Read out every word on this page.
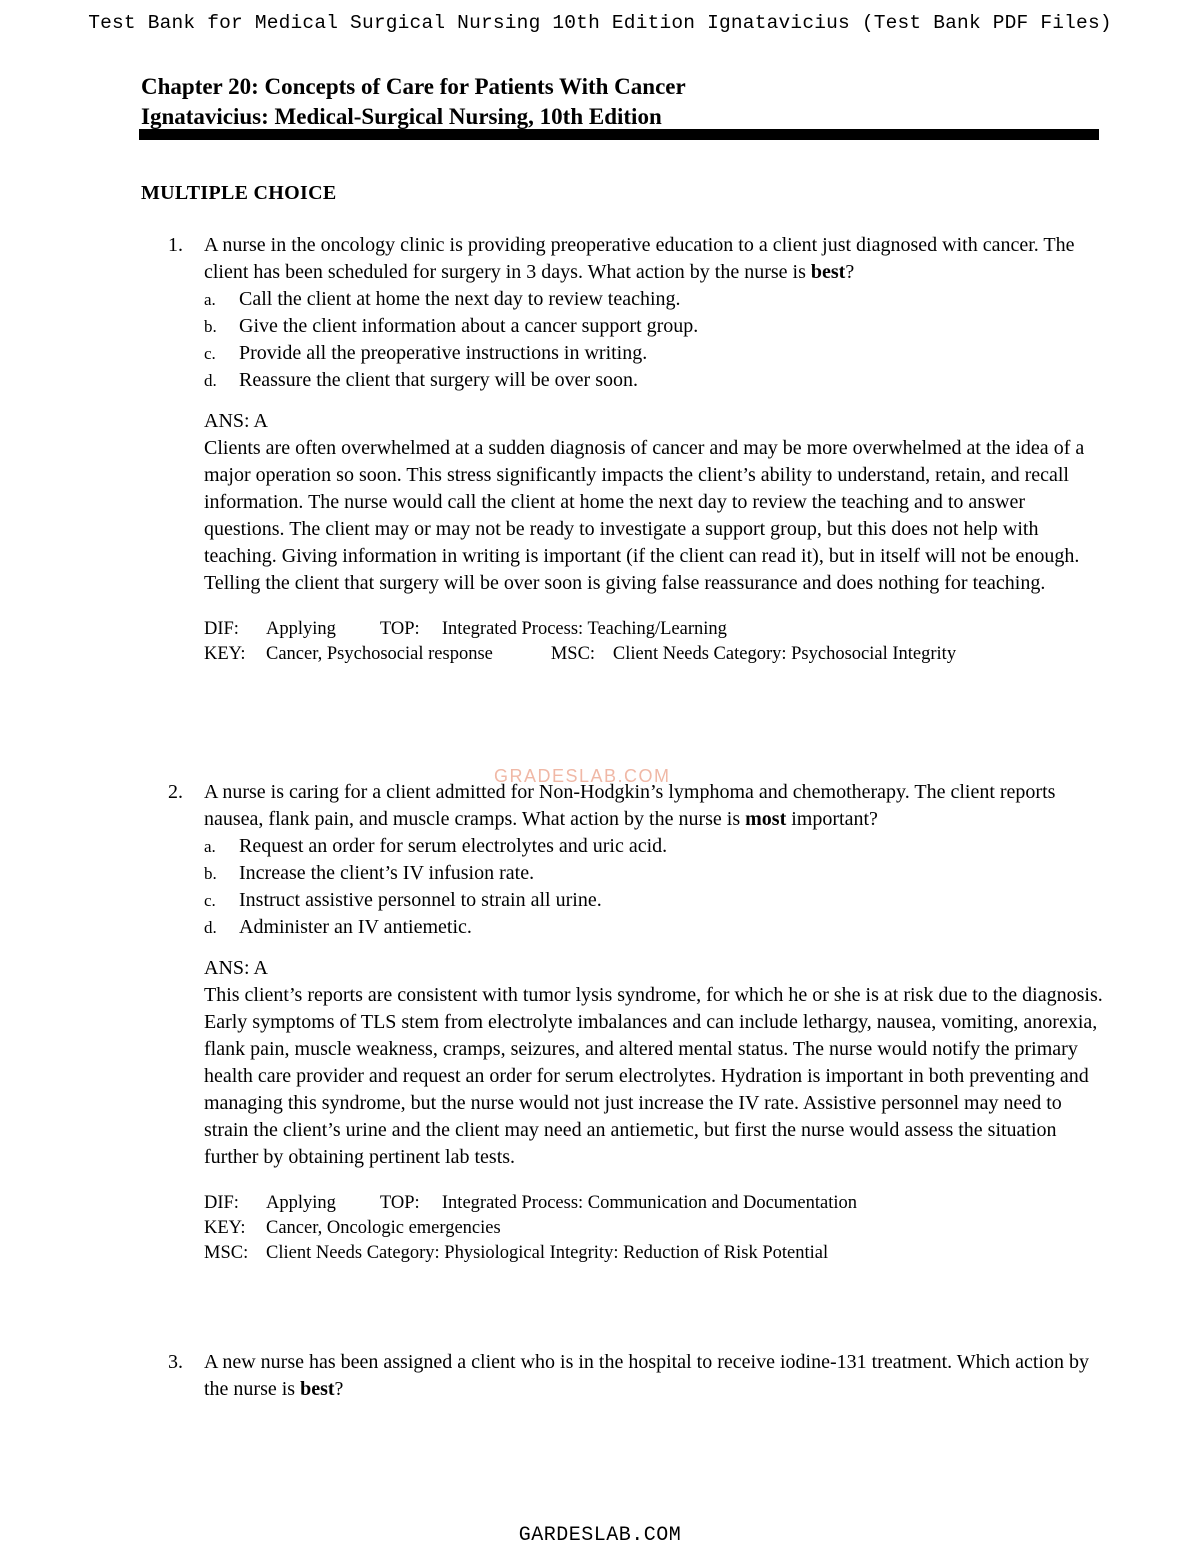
Test Bank for Medical Surgical Nursing 10th Edition Ignatavicius (Test Bank PDF Files)
Chapter 20: Concepts of Care for Patients With Cancer
Ignatavicius: Medical-Surgical Nursing, 10th Edition
MULTIPLE CHOICE
1.	A nurse in the oncology clinic is providing preoperative education to a client just diagnosed with cancer. The client has been scheduled for surgery in 3 days. What action by the nurse is best?

a. Call the client at home the next day to review teaching.
b. Give the client information about a cancer support group.
c. Provide all the preoperative instructions in writing.
d. Reassure the client that surgery will be over soon.
ANS: A

Clients are often overwhelmed at a sudden diagnosis of cancer and may be more overwhelmed at the idea of a major operation so soon. This stress significantly impacts the client’s ability to understand, retain, and recall information. The nurse would call the client at home the next day to review the teaching and to answer questions. The client may or may not be ready to investigate a support group, but this does not help with teaching. Giving information in writing is important (if the client can read it), but in itself will not be enough. Telling the client that surgery will be over soon is giving false reassurance and does nothing for teaching.

DIF: Applying TOP: Integrated Process: Teaching/Learning
KEY: Cancer, Psychosocial response	MSC: Client Needs Category: Psychosocial Integrity
2.	A nurse is caring for a client admitted for Non-Hodgkin’s lymphoma and chemotherapy. The client reports nausea, flank pain, and muscle cramps. What action by the nurse is most important?

a. Request an order for serum electrolytes and uric acid.
b. Increase the client’s IV infusion rate.
c. Instruct assistive personnel to strain all urine.
d. Administer an IV antiemetic.
ANS: A

This client’s reports are consistent with tumor lysis syndrome, for which he or she is at risk due to the diagnosis. Early symptoms of TLS stem from electrolyte imbalances and can include lethargy, nausea, vomiting, anorexia, flank pain, muscle weakness, cramps, seizures, and altered mental status. The nurse would notify the primary health care provider and request an order for serum electrolytes. Hydration is important in both preventing and managing this syndrome, but the nurse would not just increase the IV rate. Assistive personnel may need to strain the client’s urine and the client may need an antiemetic, but first the nurse would assess the situation further by obtaining pertinent lab tests.

DIF: Applying TOP: Integrated Process: Communication and Documentation
KEY: Cancer, Oncologic emergencies
MSC: Client Needs Category: Physiological Integrity: Reduction of Risk Potential
3.	A new nurse has been assigned a client who is in the hospital to receive iodine-131 treatment. Which action by the nurse is best?

GRADESLAB.COM
GARDESLAB.COM
